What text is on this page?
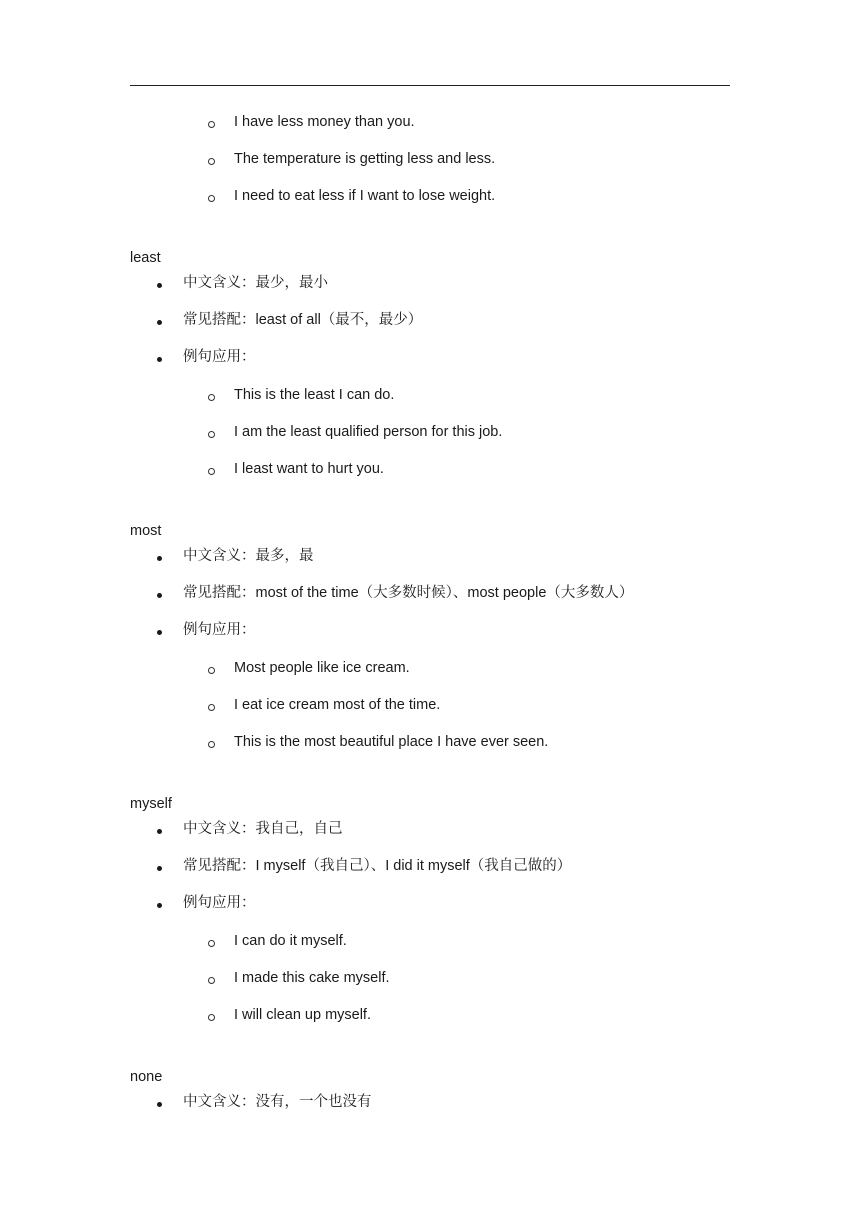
I have less money than you.
The temperature is getting less and less.
I need to eat less if I want to lose weight.
least
中文含义：最少，最小
常见搭配：least of all（最不，最少）
例句应用：
This is the least I can do.
I am the least qualified person for this job.
I least want to hurt you.
most
中文含义：最多，最
常见搭配：most of the time（大多数时候）、most people（大多数人）
例句应用：
Most people like ice cream.
I eat ice cream most of the time.
This is the most beautiful place I have ever seen.
myself
中文含义：我自己，自己
常见搭配：I myself（我自己）、I did it myself（我自己做的）
例句应用：
I can do it myself.
I made this cake myself.
I will clean up myself.
none
中文含义：没有，一个也没有
